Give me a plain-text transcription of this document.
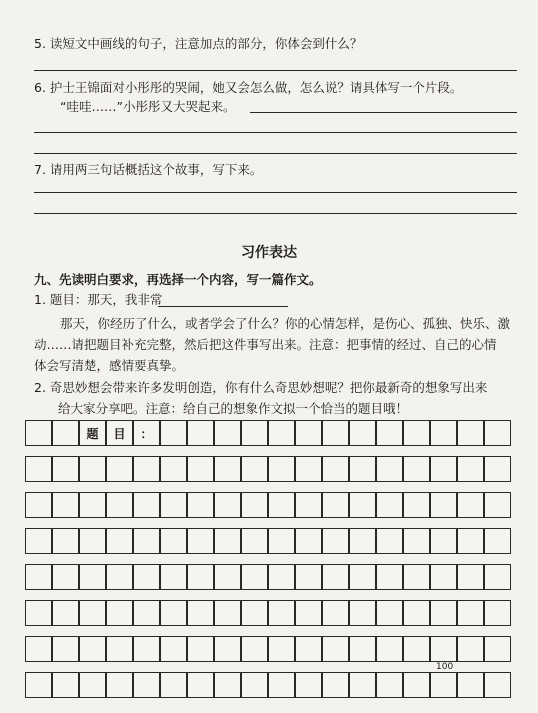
5. 读短文中画线的句子，注意加点的部分，你体会到什么？
6. 护士王锦面对小彤彤的哭闹，她又会怎么做，怎么说？请具体写一个片段。
“哇哇……”小彤彤又大哭起来。
7. 请用两三句话概括这个故事，写下来。
习作表达
九、先读明白要求，再选择一个内容，写一篇作文。
1. 题目：那天，我非常
那天，你经历了什么，或者学会了什么？你的心情怎样，是伤心、孤独、快乐、激
动……请把题目补充完整，然后把这件事写出来。注意：把事情的经过、自己的心情
体会写清楚，感情要真挚。
2. 奇思妙想会带来许多发明创造，你有什么奇思妙想呢？把你最新奇的想象写出来
给大家分享吧。注意：给自己的想象作文拟一个恰当的题目哦！
题	目	：
100
